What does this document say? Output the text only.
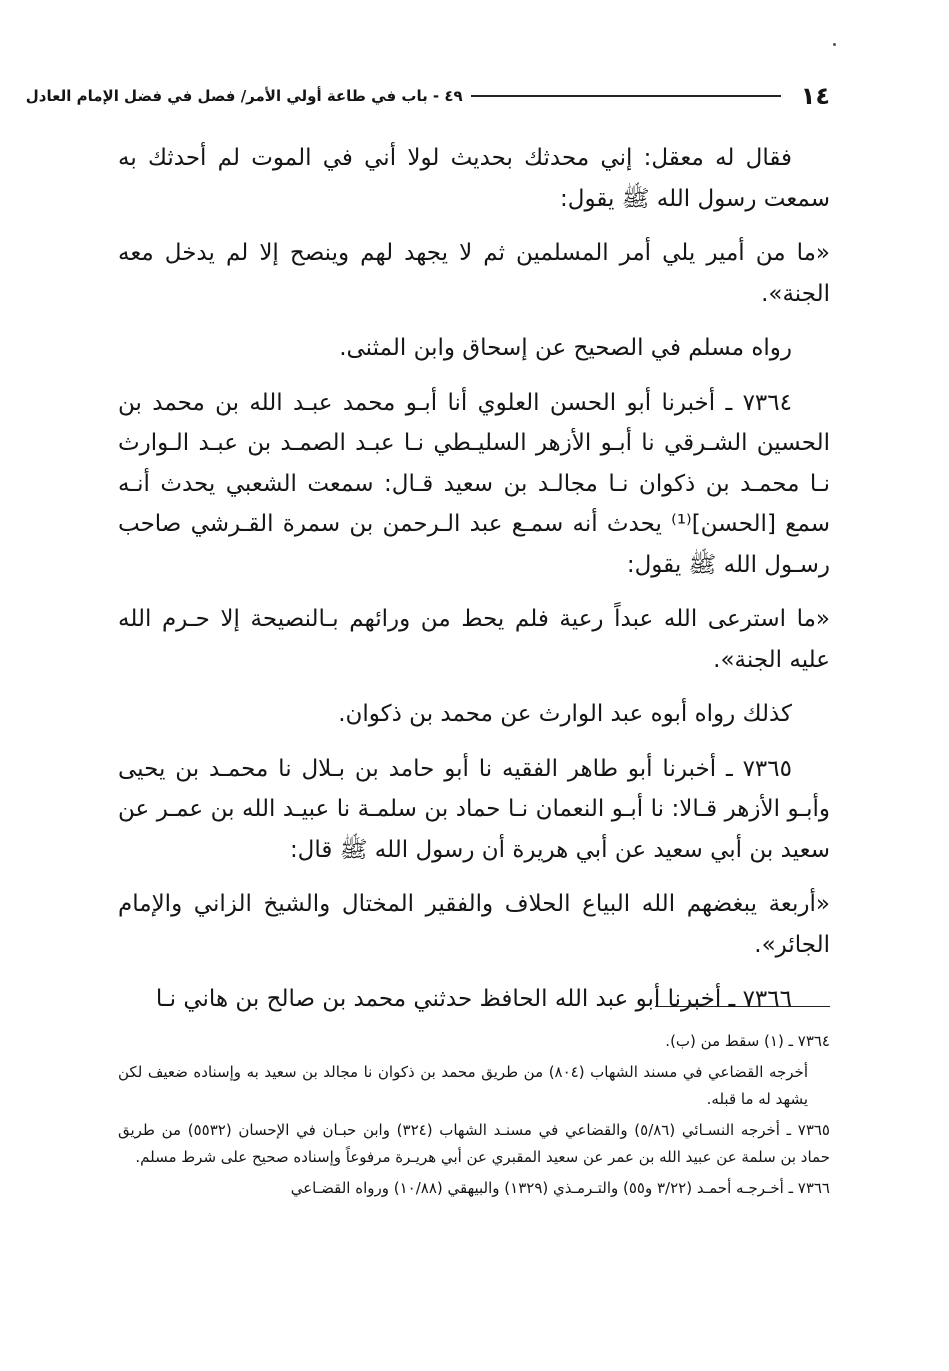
١٤
٤٩ - باب في طاعة أولي الأمر/ فصل في فضل الإمام العادل

فقال له معقل: إني محدثك بحديث لولا أني في الموت لم أحدثك به سمعت رسول الله ﷺ يقول:

«ما من أمير يلي أمر المسلمين ثم لا يجهد لهم وينصح إلا لم يدخل معه الجنة».

رواه مسلم في الصحيح عن إسحاق وابن المثنى.

٧٣٦٤ ـ أخبرنا أبو الحسن العلوي أنا أبـو محمد عبـد الله بن محمد بن الحسين الشـرقي نا أبـو الأزهر السليـطي نـا عبـد الصمـد بن عبـد الـوارث نـا محمـد بن ذكوان نـا مجالـد بن سعيد قـال: سمعت الشعبي يحدث أنـه سمع [الحسن]⁽¹⁾ يحدث أنه سمـع عبد الـرحمن بن سمرة القـرشي صاحب رسـول الله ﷺ يقول:

«ما استرعى الله عبداً رعية فلم يحط من ورائهم بـالنصيحة إلا حـرم الله عليه الجنة».

كذلك رواه أبوه عبد الوارث عن محمد بن ذكوان.

٧٣٦٥ ـ أخبرنا أبو طاهر الفقيه نا أبو حامد بن بـلال نا محمـد بن يحيى وأبـو الأزهر قـالا: نا أبـو النعمان نـا حماد بن سلمـة نا عبيـد الله بن عمـر عن سعيد بن أبي سعيد عن أبي هريرة أن رسول الله ﷺ قال:

«أربعة يبغضهم الله البياع الحلاف والفقير المختال والشيخ الزاني والإمام الجائر».

٧٣٦٦ ـ أخبرنا أبو عبد الله الحافظ حدثني محمد بن صالح بن هاني نـا

٧٣٦٤ ـ (١) سقط من (ب).

أخرجه القضاعي في مسند الشهاب (٨٠٤) من طريق محمد بن ذكوان نا مجالد بن سعيد به وإسناده ضعيف لكن يشهد له ما قبله.

٧٣٦٥ ـ أخرجه النسـائي (٥/٨٦) والقضاعي في مسنـد الشهاب (٣٢٤) وابن حبـان في الإحسان (٥٥٣٢) من طريق حماد بن سلمة عن عبيد الله بن عمر عن سعيد المقبري عن أبي هريـرة مرفوعاً وإسناده صحيح على شرط مسلم.

٧٣٦٦ ـ أخـرجـه أحمـد (٣/٢٢ و٥٥) والتـرمـذي (١٣٢٩) والبيهقي (١٠/٨٨) ورواه القضـاعي
